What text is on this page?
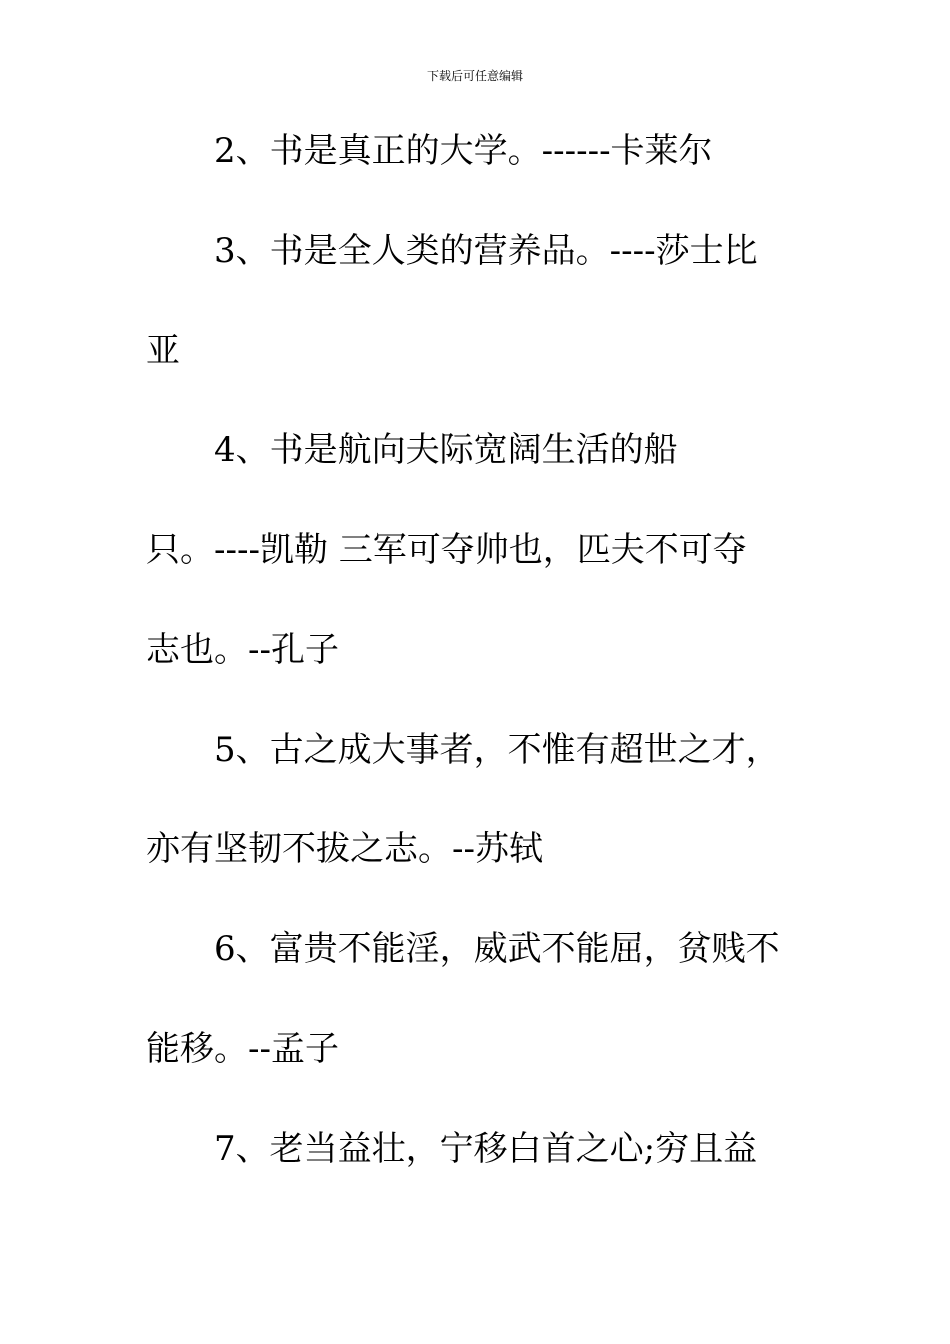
下载后可任意编辑
2、书是真正的大学。------卡莱尔
3、书是全人类的营养品。----莎士比
亚
4、书是航向夫际宽阔生活的船
只。----凯勒 三军可夺帅也，匹夫不可夺
志也。--孔子
5、古之成大事者，不惟有超世之才，
亦有坚韧不拔之志。--苏轼
6、富贵不能淫，威武不能屈，贫贱不
能移。--孟子
7、老当益壮，宁移白首之心;穷且益
